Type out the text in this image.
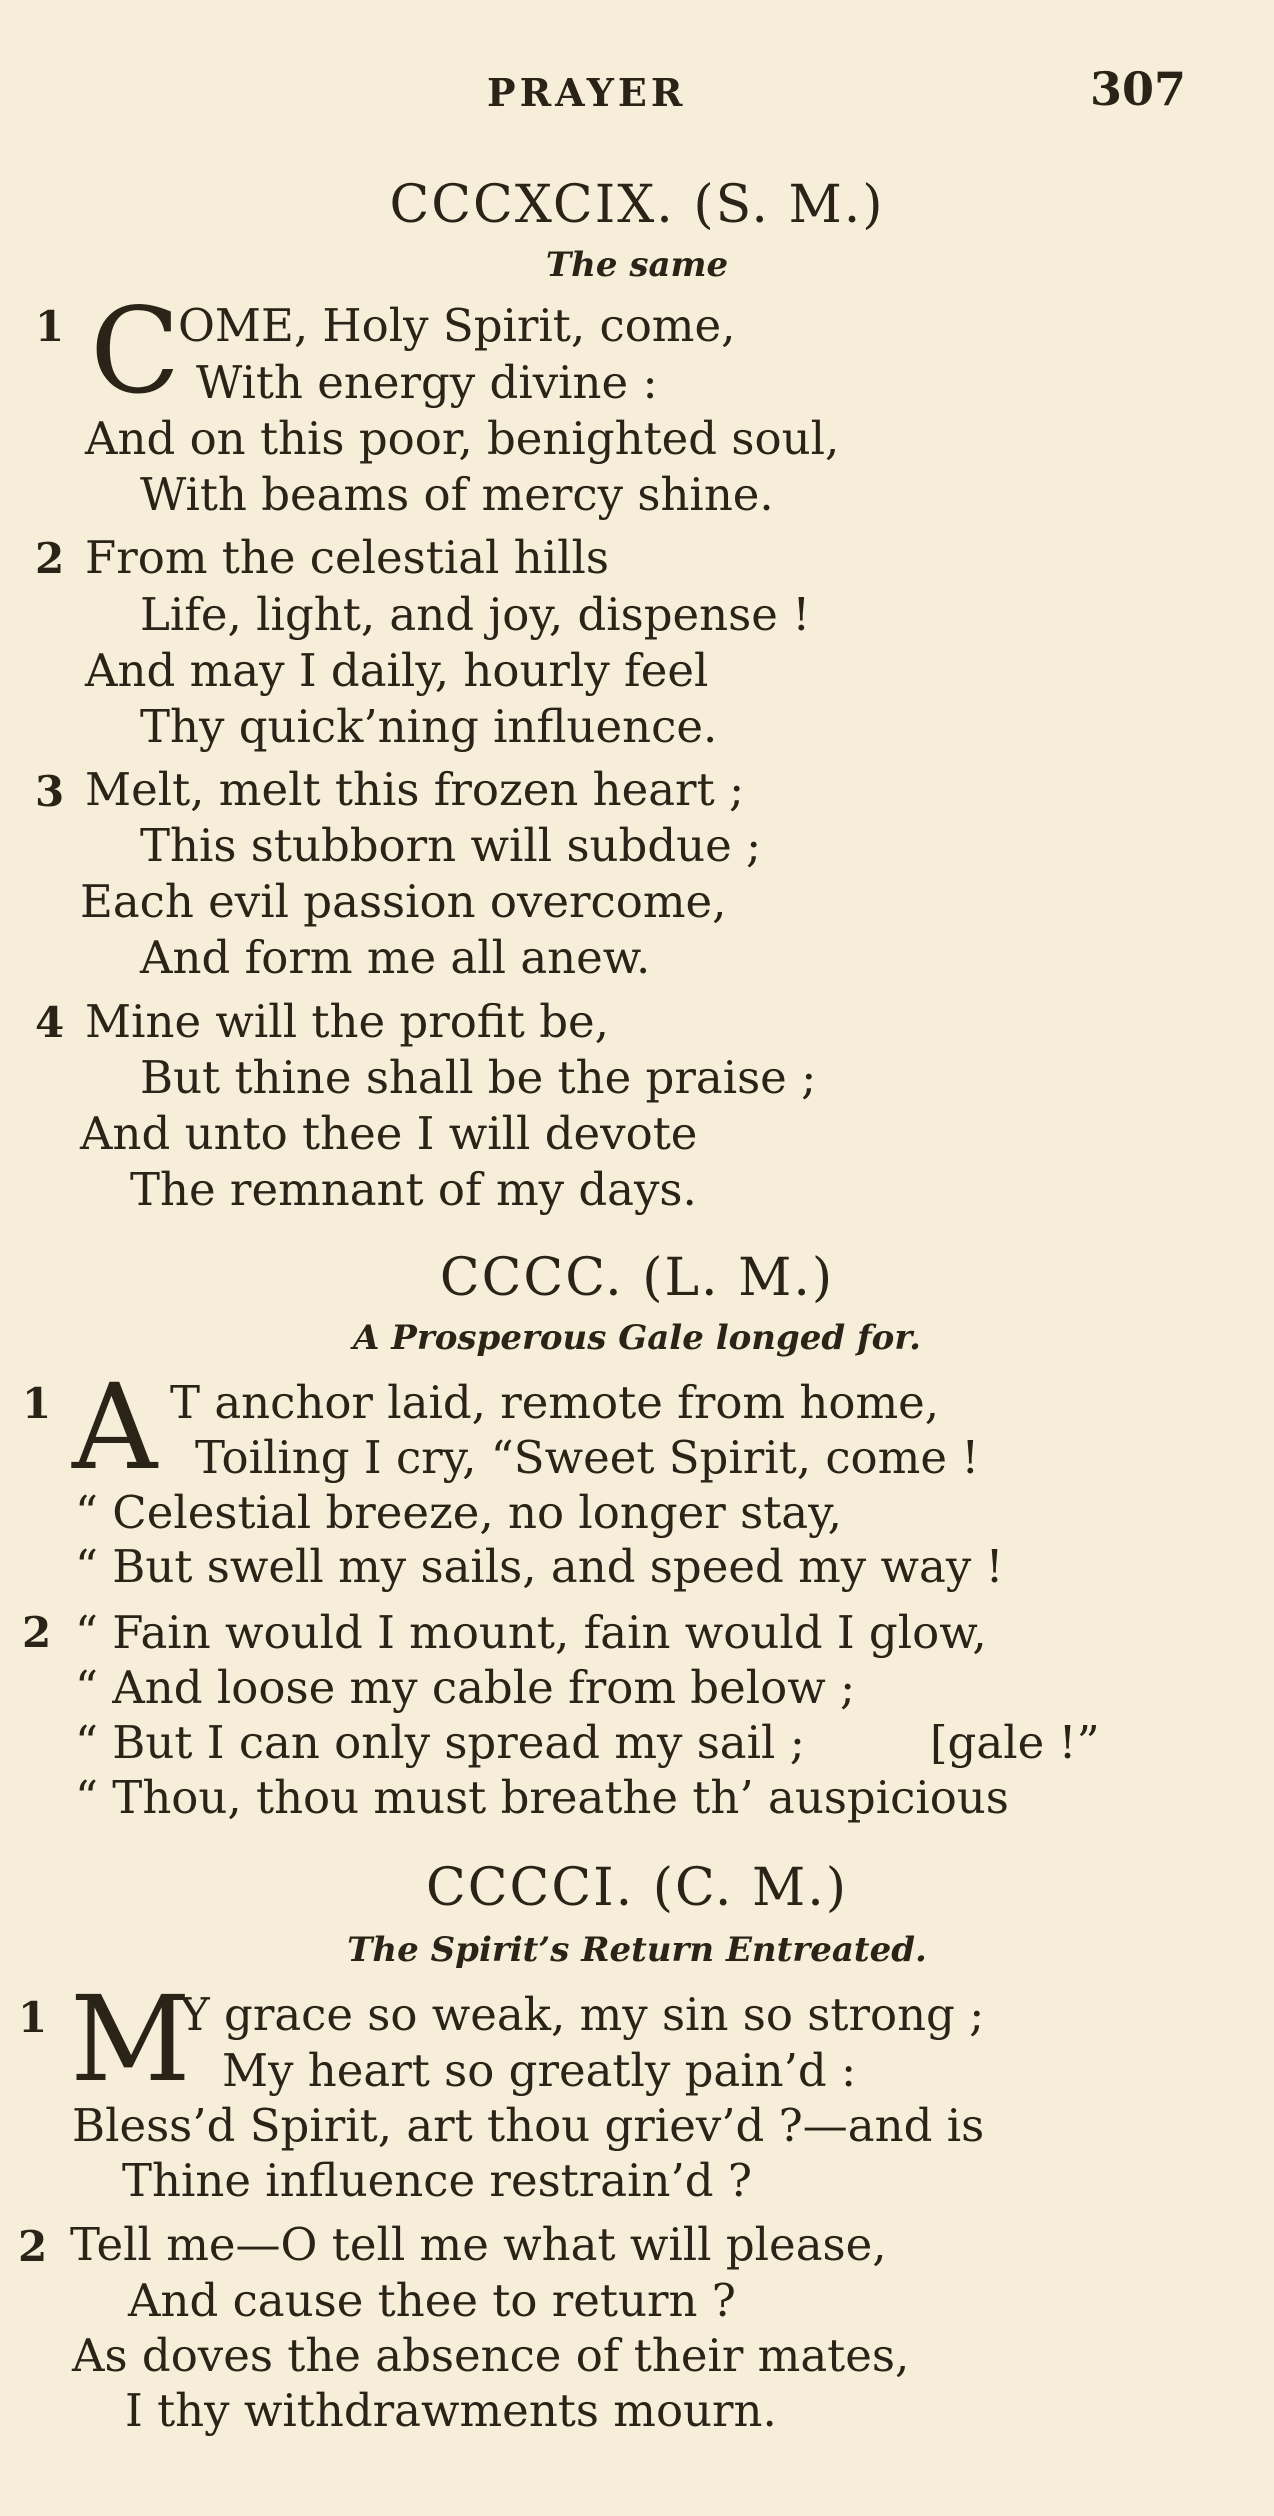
PRAYER	307
CCCXCIX. (S. M.)
The same
1 C
OME, Holy Spirit, come,
With energy divine :
And on this poor, benighted soul,
With beams of mercy shine.
2 From the celestial hills
Life, light, and joy, dispense !
And may I daily, hourly feel
Thy quick’ning influence.
3 Melt, melt this frozen heart ;
This stubborn will subdue ;
Each evil passion overcome,
And form me all anew.
4 Mine will the profit be,
But thine shall be the praise ;
And unto thee I will devote
The remnant of my days.
CCCC. (L. M.)
A Prosperous Gale longed for.
1 A T anchor laid, remote from home,
Toiling I cry, “Sweet Spirit, come !
“ Celestial breeze, no longer stay,
“ But swell my sails, and speed my way !
2 “ Fain would I mount, fain would I glow,
“ And loose my cable from below ;
“ But I can only spread my sail ;	[gale !”
“ Thou, thou must breathe th’ auspicious
CCCCI. (C. M.)
The Spirit’s Return Entreated.
1 M
Y grace so weak, my sin so strong ;
My heart so greatly pain’d :
Bless’d Spirit, art thou griev’d ?—and is
Thine influence restrain’d ?
2 Tell me—O tell me what will please,
And cause thee to return ?
As doves the absence of their mates,
I thy withdrawments mourn.
